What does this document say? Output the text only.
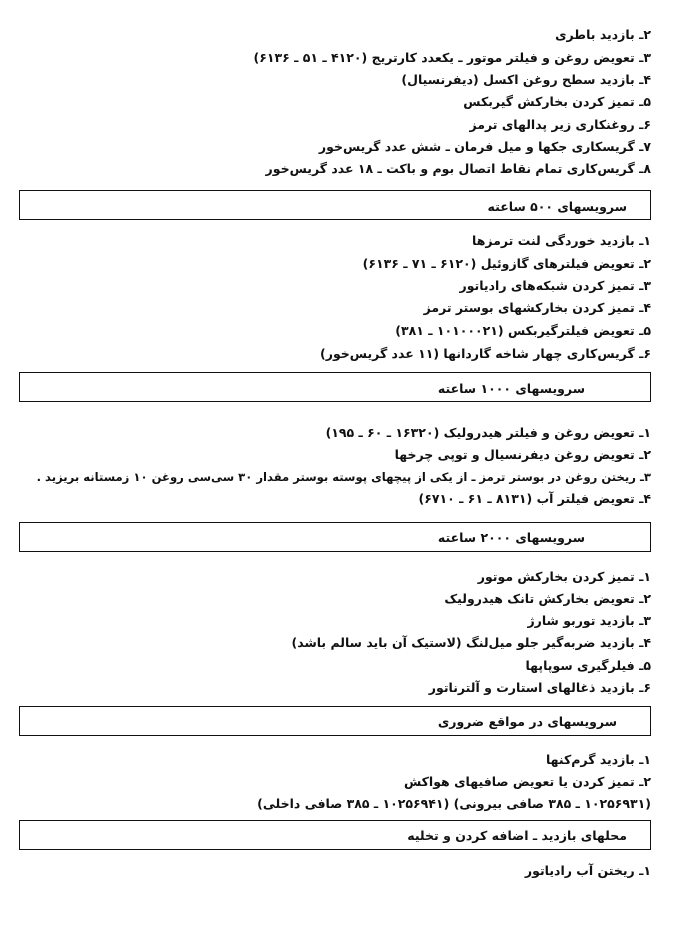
۲ـ بازدید باطری
۳ـ تعویض روغن و فیلتر موتور ـ یکعدد کارتریج (۴۱۲۰ ـ ۵۱ ـ ۶۱۳۶)
۴ـ بازدید سطح روغن اکسل (دیفرنسیال)
۵ـ تمیز کردن بخارکش گیربکس
۶ـ روغنکاری زیر پدالهای ترمز
۷ـ گریسکاری جکها و میل فرمان ـ شش عدد گریس‌خور
۸ـ گریس‌کاری تمام نقاط اتصال بوم و باکت ـ ۱۸ عدد گریس‌خور
سرویسهای ۵۰۰ ساعته
۱ـ بازدید خوردگی لنت ترمزها
۲ـ تعویض فیلترهای گازوئیل (۶۱۲۰ ـ ۷۱ ـ ۶۱۳۶)
۳ـ تمیز کردن شبکه‌های رادیاتور
۴ـ تمیز کردن بخارکشهای بوستر ترمز
۵ـ تعویض فیلترگیربکس (۱۰۱۰۰۰۲۱ ـ ۳۸۱)
۶ـ گریس‌کاری چهار شاخه گاردانها (۱۱ عدد گریس‌خور)
سرویسهای ۱۰۰۰ ساعته
۱ـ تعویض روغن و فیلتر هیدرولیک (۱۶۳۲۰ ـ ۶۰ ـ ۱۹۵)
۲ـ تعویض روغن دیفرنسیال و توپی چرخها
۳ـ ریختن روغن در بوستر ترمز ـ از یکی از پیچهای پوسته بوستر مقدار ۳۰ سی‌سی روغن ۱۰ زمستانه بریزید .
۴ـ تعویض فیلتر آب (۸۱۳۱ ـ ۶۱ ـ ۶۷۱۰)
سرویسهای ۲۰۰۰ ساعته
۱ـ تمیز کردن بخارکش موتور
۲ـ تعویض بخارکش تانک هیدرولیک
۳ـ بازدید توربو شارژ
۴ـ بازدید ضربه‌گیر جلو میل‌لنگ (لاستیک آن باید سالم باشد)
۵ـ فیلرگیری سوپاپها
۶ـ بازدید ذغالهای استارت و آلترناتور
سرویسهای در مواقع ضروری
۱ـ بازدید گرم‌کنها
۲ـ تمیز کردن یا تعویض صافیهای هواکش
(۱۰۲۵۶۹۳۱ ـ ۳۸۵ صافی بیرونی) (۱۰۲۵۶۹۴۱ ـ ۳۸۵ صافی داخلی)
محلهای بازدید ـ اضافه کردن و تخلیه
۱ـ ریختن آب رادیاتور
